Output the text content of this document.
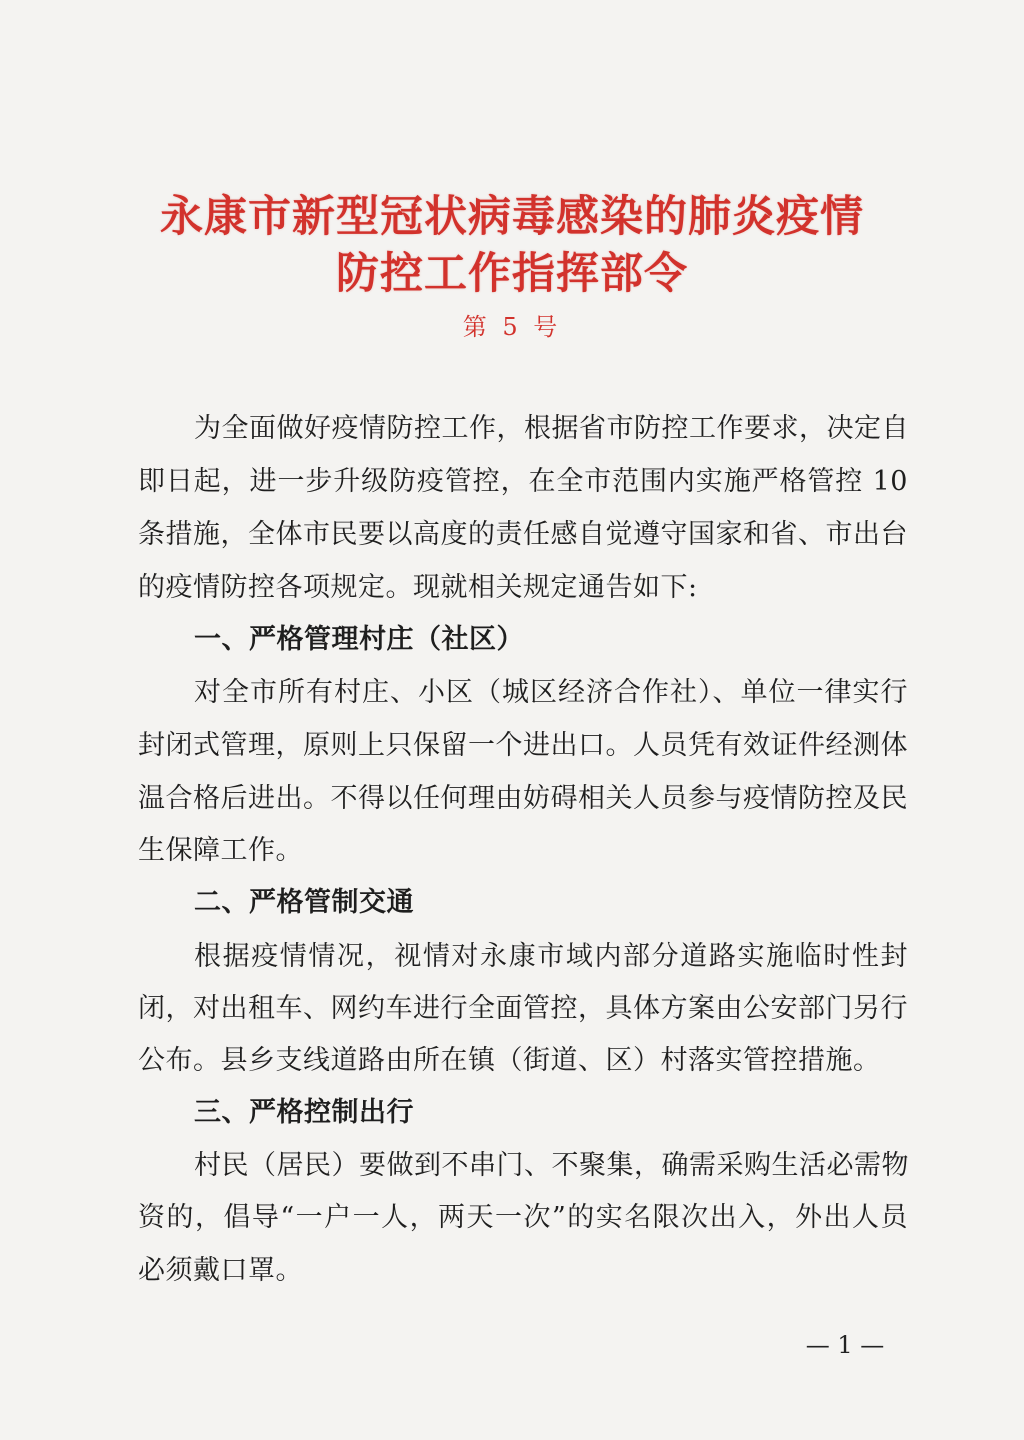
永康市新型冠状病毒感染的肺炎疫情
防控工作指挥部令
第 5 号
为全面做好疫情防控工作，根据省市防控工作要求，决定自
即日起，进一步升级防疫管控，在全市范围内实施严格管控 10
条措施，全体市民要以高度的责任感自觉遵守国家和省、市出台
的疫情防控各项规定。现就相关规定通告如下:
一、严格管理村庄（社区）
对全市所有村庄、小区（城区经济合作社）、单位一律实行
封闭式管理，原则上只保留一个进出口。人员凭有效证件经测体
温合格后进出。不得以任何理由妨碍相关人员参与疫情防控及民
生保障工作。
二、严格管制交通
根据疫情情况，视情对永康市域内部分道路实施临时性封
闭，对出租车、网约车进行全面管控，具体方案由公安部门另行
公布。县乡支线道路由所在镇（街道、区）村落实管控措施。
三、严格控制出行
村民（居民）要做到不串门、不聚集，确需采购生活必需物
资的，倡导“一户一人，两天一次”的实名限次出入，外出人员
必须戴口罩。
— 1 —
